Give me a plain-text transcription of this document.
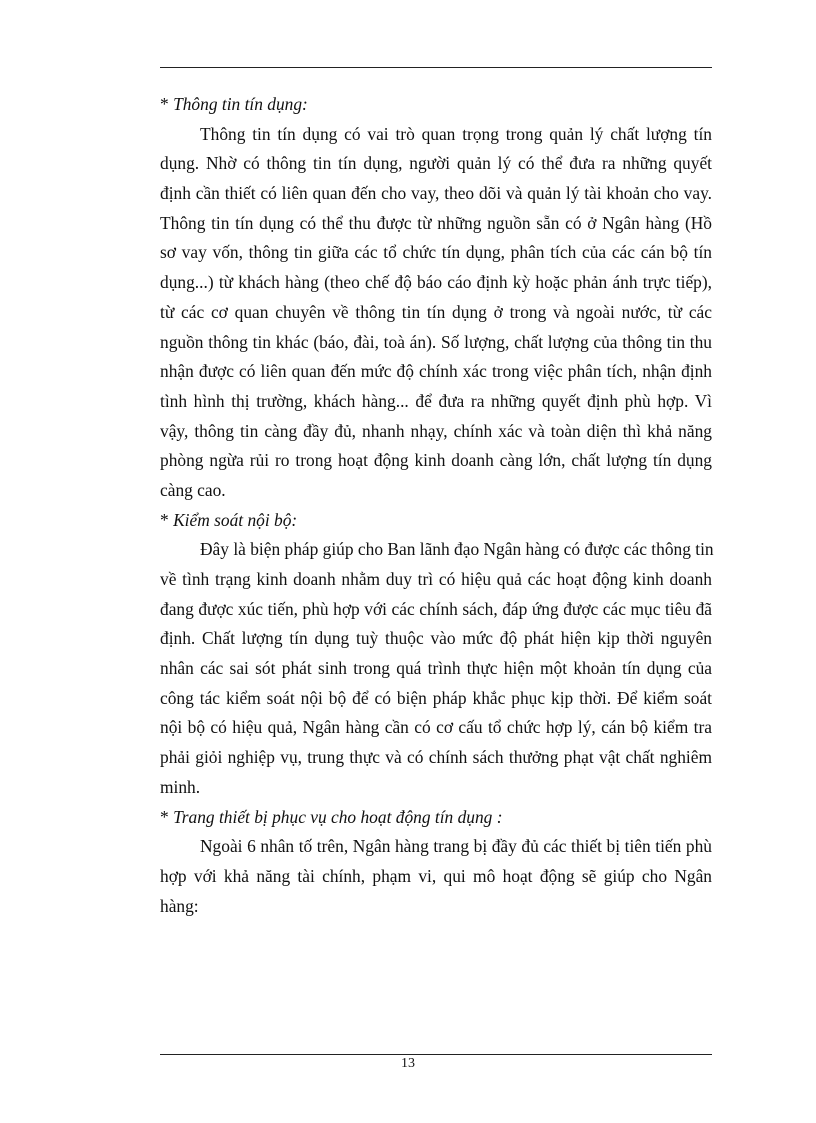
* Thông tin tín dụng:
Thông tin tín dụng có vai trò quan trọng trong quản lý chất lượng tín
dụng. Nhờ có thông tin tín dụng, người quản lý có thể đưa ra những quyết
định cần thiết có liên quan đến cho vay, theo dõi và quản lý tài khoản cho vay.
Thông tin tín dụng có thể thu được từ những nguồn sẵn có ở Ngân hàng (Hồ
sơ vay vốn, thông tin giữa các tổ chức tín dụng, phân tích của các cán bộ tín
dụng...) từ khách hàng (theo chế độ báo cáo định kỳ hoặc phản ánh trực tiếp),
từ các cơ quan chuyên về thông tin tín dụng ở trong và ngoài nước, từ các
nguồn thông tin khác (báo, đài, toà án). Số lượng, chất lượng của thông tin thu
nhận được có liên quan đến mức độ chính xác trong việc phân tích, nhận định
tình hình thị trường, khách hàng... để đưa ra những quyết định phù hợp. Vì
vậy, thông tin càng đầy đủ, nhanh nhạy, chính xác và toàn diện thì khả năng
phòng ngừa rủi ro trong hoạt động kinh doanh càng lớn, chất lượng tín dụng
càng cao.
* Kiểm soát nội bộ:
Đây là biện pháp giúp cho Ban lãnh đạo Ngân hàng có được các thông tin
về tình trạng kinh doanh nhằm duy trì có hiệu quả các hoạt động kinh doanh
đang được xúc tiến, phù hợp với các chính sách, đáp ứng được các mục tiêu đã
định. Chất lượng tín dụng tuỳ thuộc vào mức độ phát hiện kịp thời nguyên
nhân các sai sót phát sinh trong quá trình thực hiện một khoản tín dụng của
công tác kiểm soát nội bộ để có biện pháp khắc phục kịp thời. Để kiểm soát
nội bộ có hiệu quả, Ngân hàng cần có cơ cấu tổ chức hợp lý, cán bộ kiểm tra
phải giỏi nghiệp vụ, trung thực và có chính sách thưởng phạt vật chất nghiêm
minh.
* Trang thiết bị phục vụ cho hoạt động tín dụng :
Ngoài 6 nhân tố trên, Ngân hàng trang bị đầy đủ các thiết bị tiên tiến phù
hợp với khả năng tài chính, phạm vi, qui mô hoạt động sẽ giúp cho Ngân
hàng:
13
